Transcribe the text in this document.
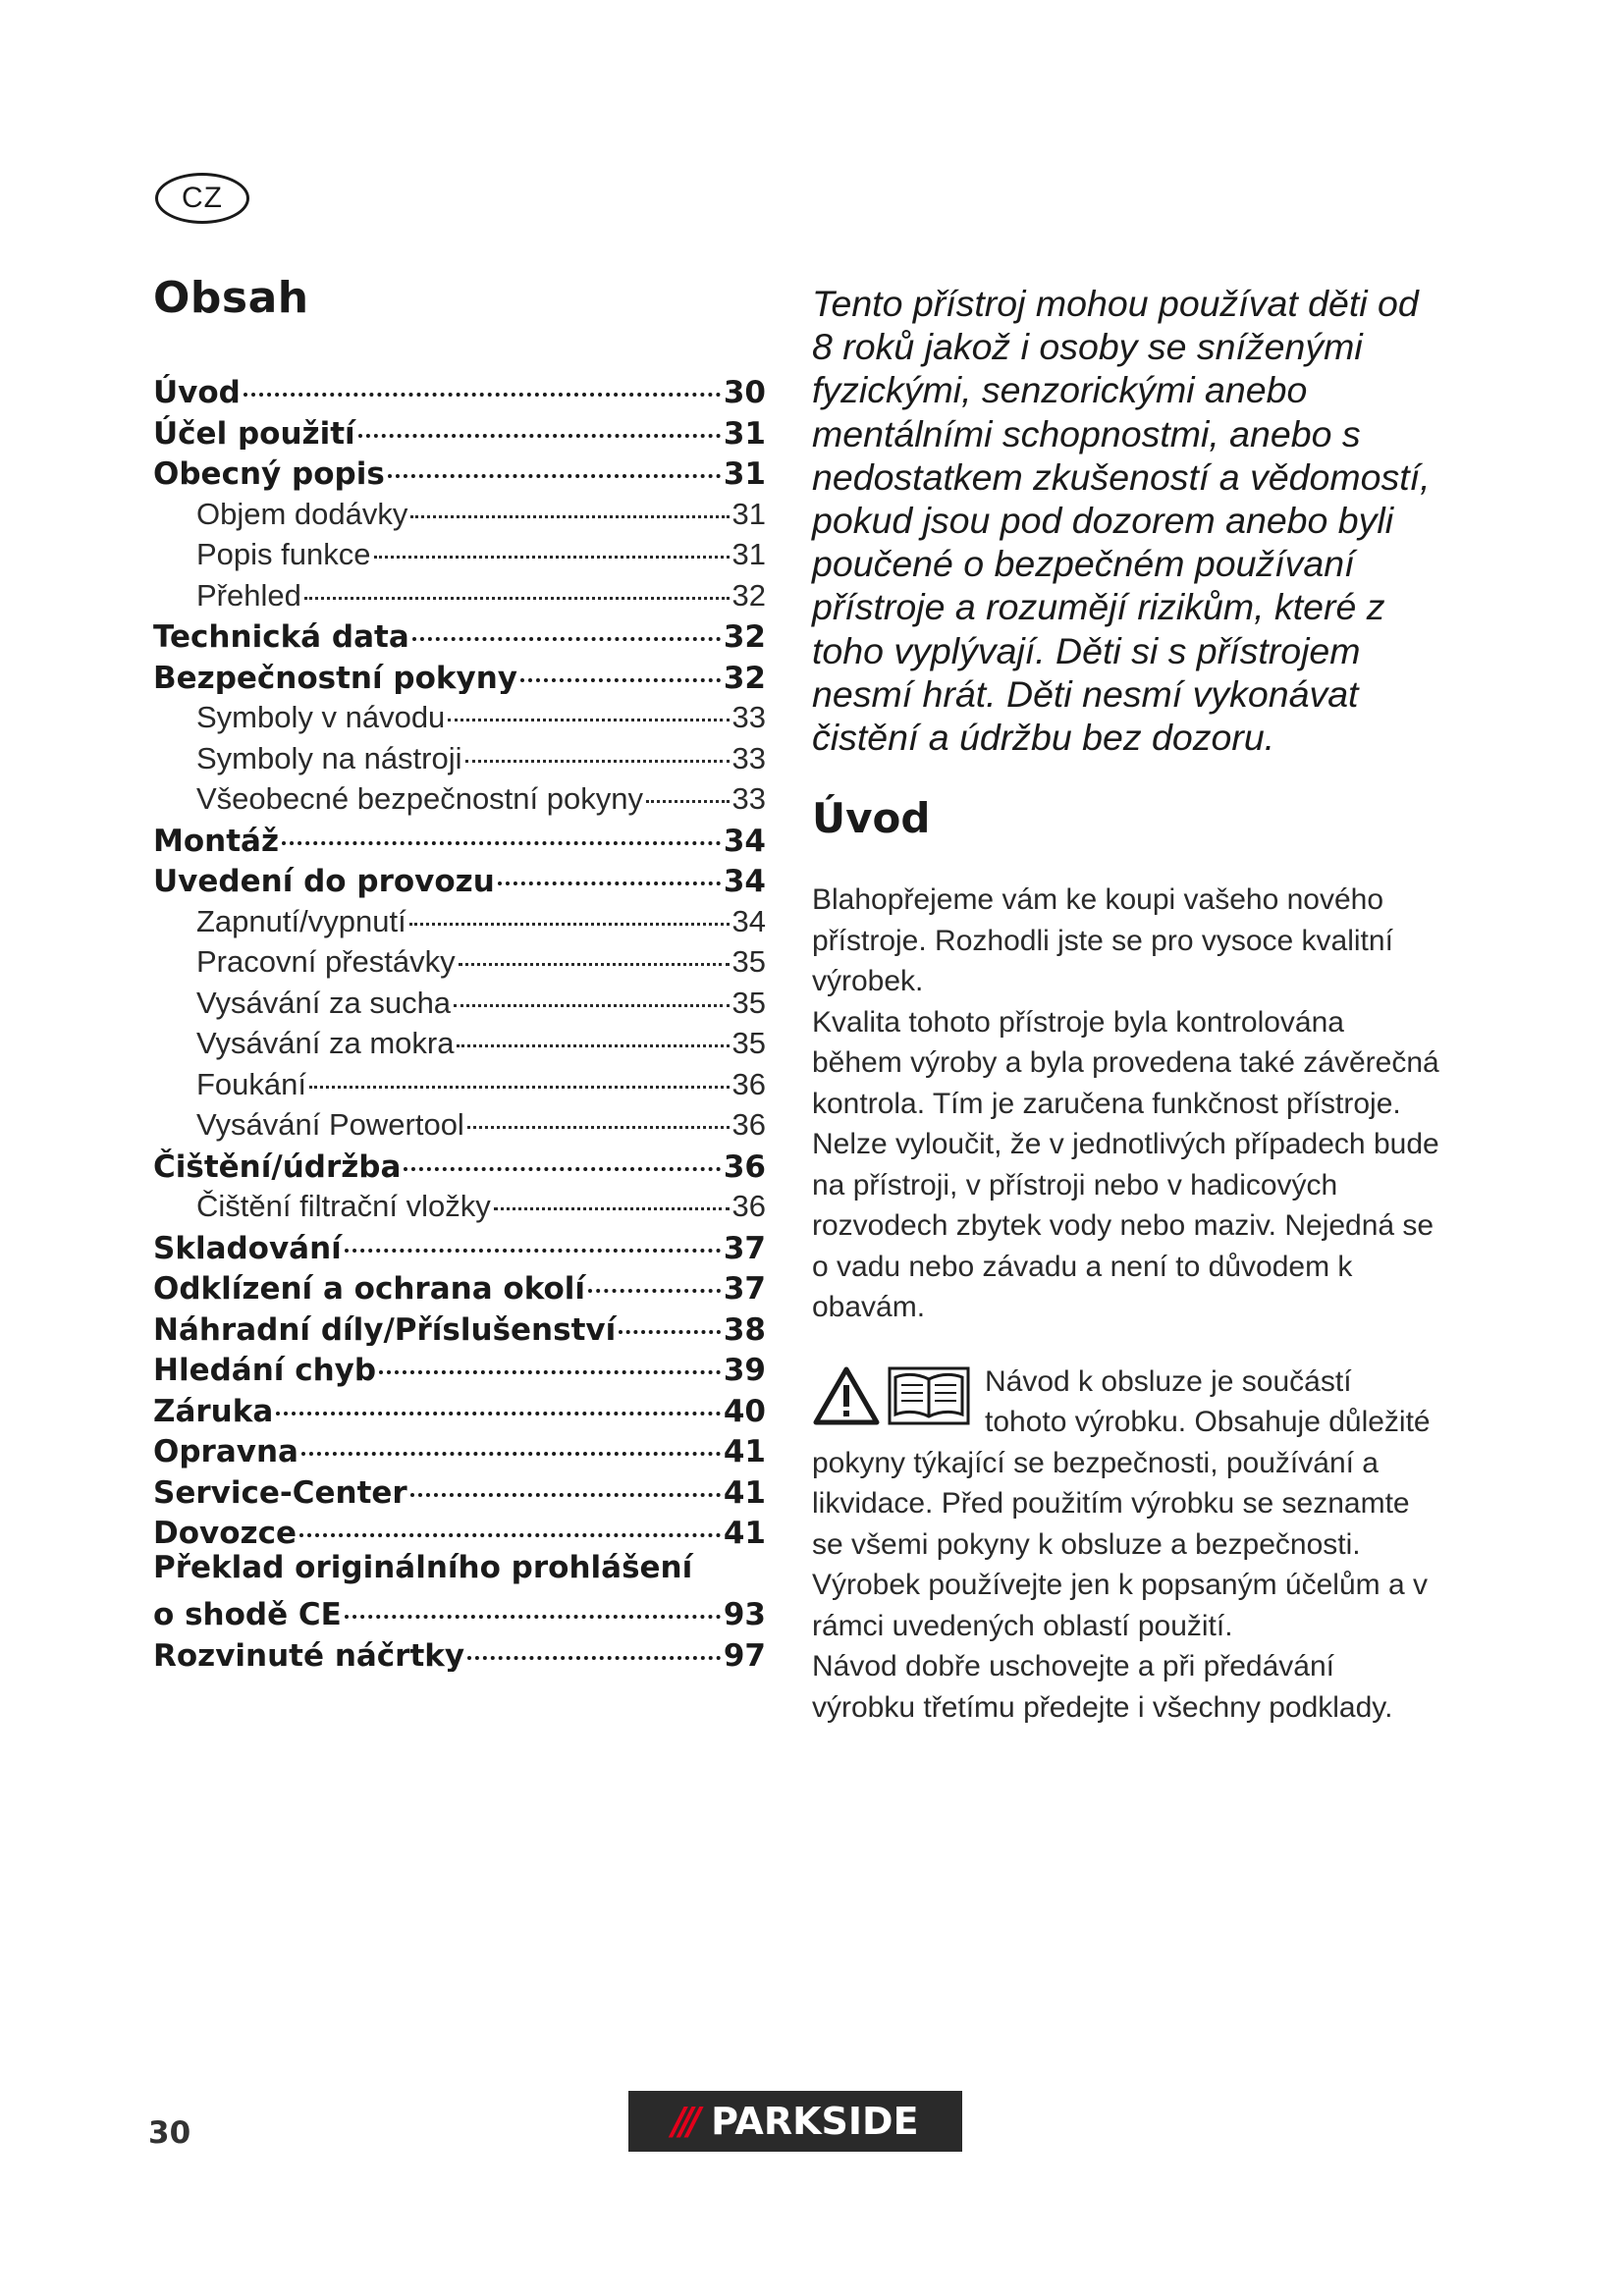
CZ
Obsah
Úvod	30
Účel použití	31
Obecný popis	31
Objem dodávky	31
Popis funkce	31
Přehled	32
Technická data	32
Bezpečnostní pokyny	32
Symboly v návodu	33
Symboly na nástroji	33
Všeobecné bezpečnostní pokyny	33
Montáž	34
Uvedení do provozu	34
Zapnutí/vypnutí	34
Pracovní přestávky	35
Vysávání za sucha	35
Vysávání za mokra	35
Foukání	36
Vysávání Powertool	36
Čištění/údržba	36
Čištění filtrační vložky	36
Skladování	37
Odklízení a ochrana okolí	37
Náhradní díly/Příslušenství	38
Hledání chyb	39
Záruka	40
Opravna	41
Service-Center	41
Dovozce	41
Překlad originálního prohlášení
o shodě CE	93
Rozvinuté náčrtky	97

Tento přístroj mohou používat děti od 8 roků jakož i osoby se sníženými fyzickými, senzorickými anebo mentálními schopnostmi, anebo s nedostatkem zkušeností a vědomostí, pokud jsou pod dozorem anebo byli poučené o bezpečném používaní přístroje a rozumějí rizikům, které z toho vyplývají. Děti si s přístrojem nesmí hrát. Děti nesmí vykonávat čistění a údržbu bez dozoru.

Úvod

Blahopřejeme vám ke koupi vašeho nového přístroje. Rozhodli jste se pro vysoce kvalitní výrobek.

Kvalita tohoto přístroje byla kontrolována během výroby a byla provedena také závěrečná kontrola. Tím je zaručena funkčnost přístroje. Nelze vyloučit, že v jednotlivých případech bude na přístroji, v přístroji nebo v hadicových rozvodech zbytek vody nebo maziv. Nejedná se o vadu nebo závadu a není to důvodem k obavám.

Návod k obsluze je součástí tohoto výrobku. Obsahuje důležité pokyny týkající se bezpečnosti, používání a likvidace. Před použitím výrobku se seznamte se všemi pokyny k obsluze a bezpečnosti. Výrobek používejte jen k popsaným účelům a v rámci uvedených oblastí použití.

Návod dobře uschovejte a při předávání výrobku třetímu předejte i všechny podklady.

30	/// PARKSIDE
